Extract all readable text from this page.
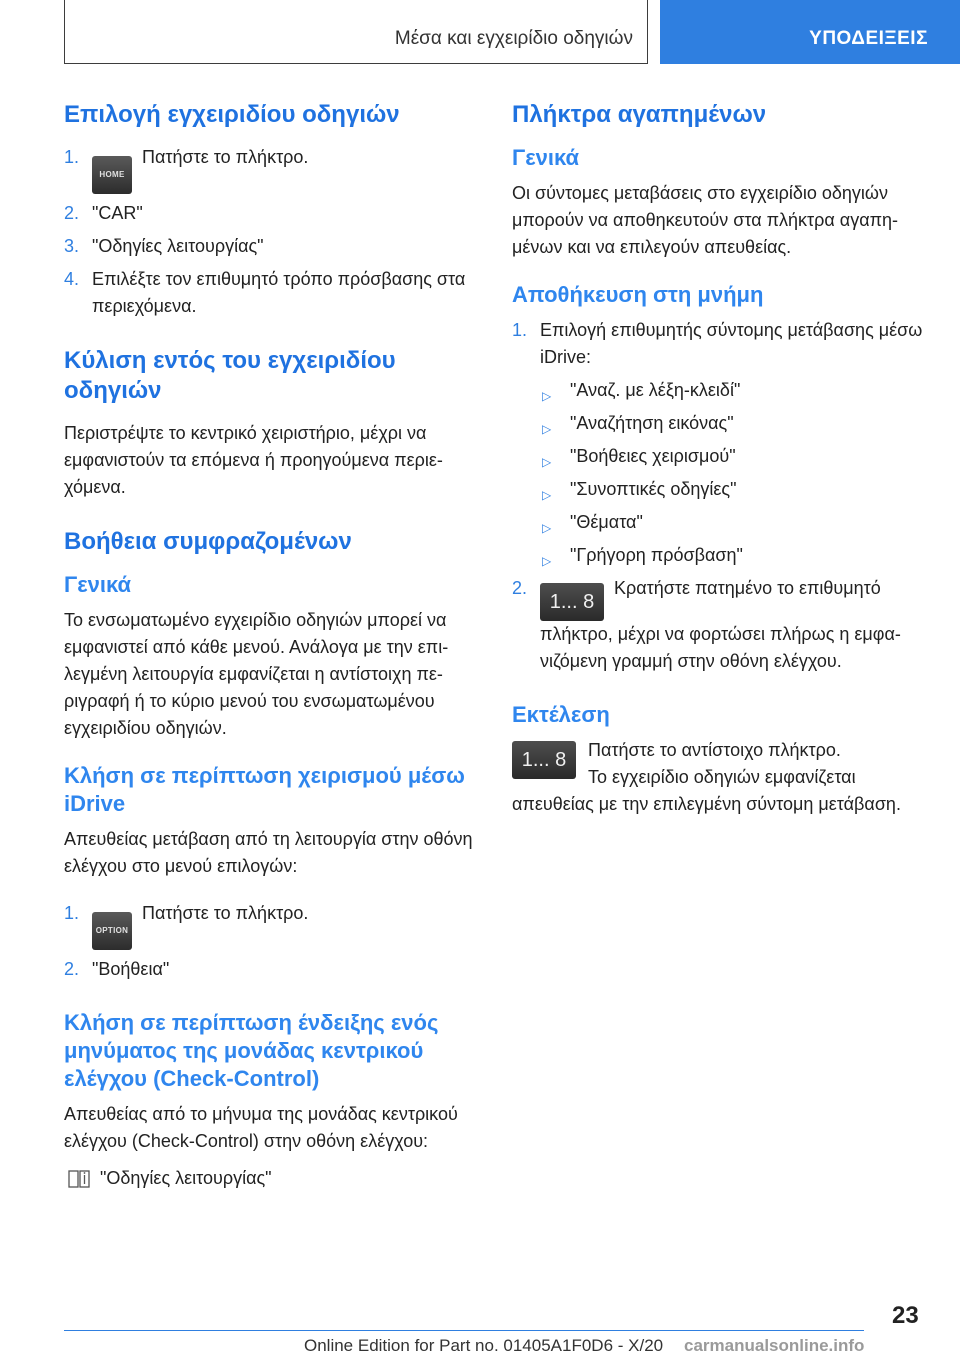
Μέσα και εγχειρίδιο οδηγιών	ΥΠΟΔΕΙΞΕΙΣ
Επιλογή εγχειριδίου οδηγιών
1.
HOMEΠατήστε το πλήκτρο.
2. "CAR"
3. "Οδηγίες λειτουργίας"
4. Επιλέξτε τον επιθυμητό τρόπο πρόσβασης στα περιεχόμενα.
Κύλιση εντός του εγχειριδίου οδηγιών

Περιστρέψτε το κεντρικό χειριστήριο, μέχρι να εμφανιστούν τα επόμενα ή προηγούμενα περιεχόμενα.

Βοήθεια συμφραζομένων
Γενικά

Το ενσωματωμένο εγχειρίδιο οδηγιών μπορεί να εμφανιστεί από κάθε μενού. Ανάλογα με την επιλεγμένη λειτουργία εμφανίζεται η αντίστοιχη περιγραφή ή το κύριο μενού του ενσωματωμένου εγχειριδίου οδηγιών.

Κλήση σε περίπτωση χειρισμού μέσω iDrive

Απευθείας μετάβαση από τη λειτουργία στην οθόνη ελέγχου στο μενού επιλογών:

1.
OPTIONΠατήστε το πλήκτρο.
2. "Βοήθεια"
Κλήση σε περίπτωση ένδειξης ενός μηνύματος της μονάδας κεντρικού ελέγχου (Check-Control)

Απευθείας από το μήνυμα της μονάδας κεντρικού ελέγχου (Check-Control) στην οθόνη ελέγχου:

"Οδηγίες λειτουργίας"
Πλήκτρα αγαπημένων
Γενικά

Οι σύντομες μεταβάσεις στο εγχειρίδιο οδηγιών μπορούν να αποθηκευτούν στα πλήκτρα αγαπημένων και να επιλεγούν απευθείας.

Αποθήκευση στη μνήμη
1. Επιλογή επιθυμητής σύντομης μετάβασης μέσω iDrive:
▷ "Αναζ. με λέξη-κλειδί"
▷ "Αναζήτηση εικόνας"
▷ "Βοήθειες χειρισμού"
▷ "Συνοπτικές οδηγίες"
▷ "Θέματα"
▷ "Γρήγορη πρόσβαση"
2.
1... 8Κρατήστε πατημένο το επιθυμητό πλήκτρο, μέχρι να φορτώσει πλήρως η εμφανιζόμενη γραμμή στην οθόνη ελέγχου.
Εκτέλεση
1... 8	Πατήστε το αντίστοιχο πλήκτρο.

Το εγχειρίδιο οδηγιών εμφανίζεται απευθείας με την επιλεγμένη σύντομη μετάβαση.

23
Online Edition for Part no. 01405A1F0D6 - X/20 carmanualsonline.info
